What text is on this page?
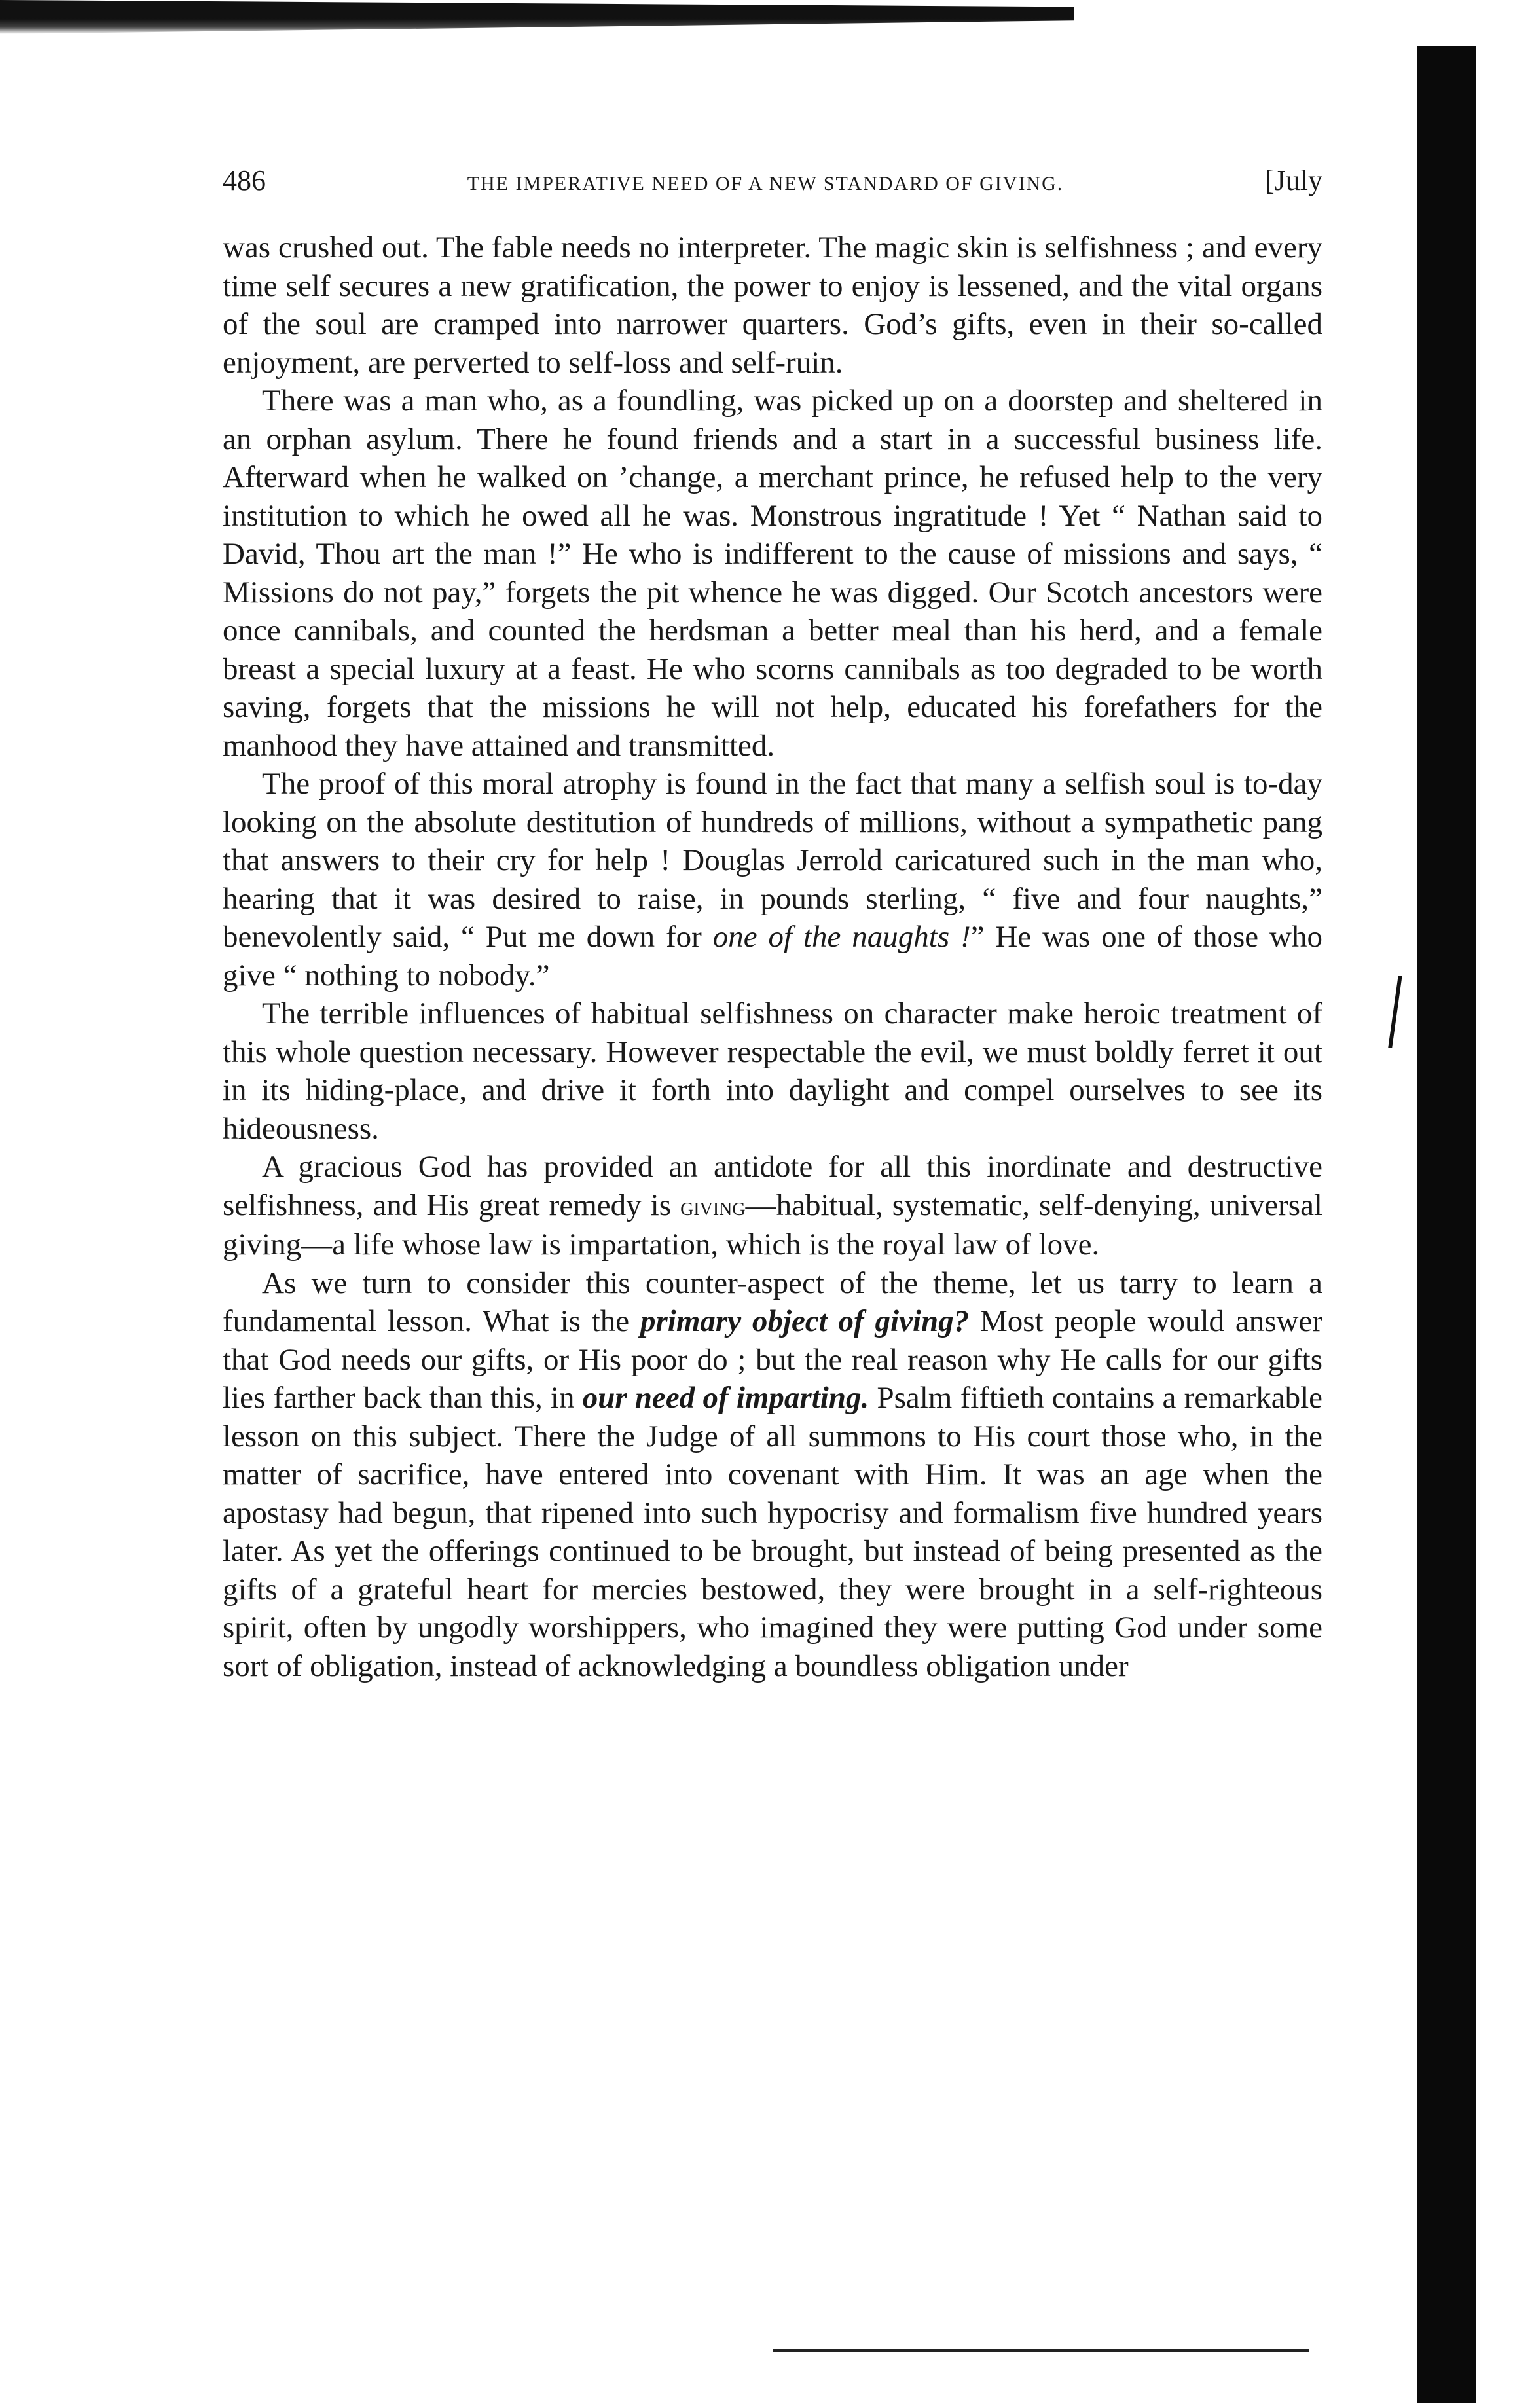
486	THE IMPERATIVE NEED OF A NEW STANDARD OF GIVING.	[July

was crushed out. The fable needs no interpreter. The magic skin is selfishness ; and every time self secures a new gratification, the power to enjoy is lessened, and the vital organs of the soul are cramped into narrower quarters. God’s gifts, even in their so-called enjoyment, are perverted to self-loss and self-ruin.

There was a man who, as a foundling, was picked up on a doorstep and sheltered in an orphan asylum. There he found friends and a start in a successful business life. Afterward when he walked on ’change, a merchant prince, he refused help to the very institution to which he owed all he was. Monstrous ingratitude ! Yet “ Nathan said to David, Thou art the man !” He who is indifferent to the cause of missions and says, “ Missions do not pay,” forgets the pit whence he was digged. Our Scotch ancestors were once cannibals, and counted the herdsman a better meal than his herd, and a female breast a special luxury at a feast. He who scorns cannibals as too degraded to be worth saving, forgets that the missions he will not help, educated his forefathers for the manhood they have attained and transmitted.

The proof of this moral atrophy is found in the fact that many a selfish soul is to-day looking on the absolute destitution of hundreds of millions, without a sympathetic pang that answers to their cry for help ! Douglas Jerrold caricatured such in the man who, hearing that it was desired to raise, in pounds sterling, “ five and four naughts,” benevolently said, “ Put me down for one of the naughts !” He was one of those who give “ nothing to nobody.”

The terrible influences of habitual selfishness on character make heroic treatment of this whole question necessary. However respectable the evil, we must boldly ferret it out in its hiding-place, and drive it forth into daylight and compel ourselves to see its hideousness.

A gracious God has provided an antidote for all this inordinate and destructive selfishness, and His great remedy is giving—habitual, systematic, self-denying, universal giving—a life whose law is impartation, which is the royal law of love.

As we turn to consider this counter-aspect of the theme, let us tarry to learn a fundamental lesson. What is the primary object of giving? Most people would answer that God needs our gifts, or His poor do ; but the real reason why He calls for our gifts lies farther back than this, in our need of imparting. Psalm fiftieth contains a remarkable lesson on this subject. There the Judge of all summons to His court those who, in the matter of sacrifice, have entered into covenant with Him. It was an age when the apostasy had begun, that ripened into such hypocrisy and formalism five hundred years later. As yet the offerings continued to be brought, but instead of being presented as the gifts of a grateful heart for mercies bestowed, they were brought in a self-righteous spirit, often by ungodly worshippers, who imagined they were putting God under some sort of obligation, instead of acknowledging a boundless obligation under
